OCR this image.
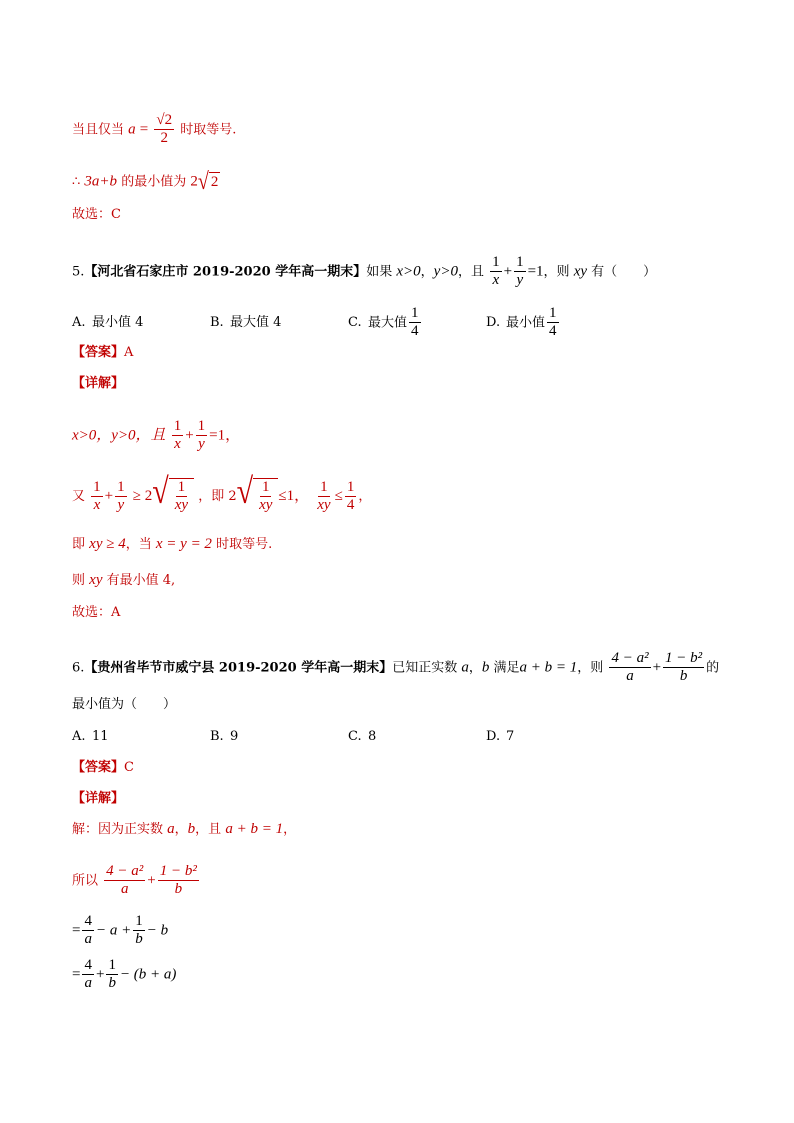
当且仅当 $a = \frac{√2}{2}$ 时取等号.
∴ 3a+b 的最小值为 2 √ 2
故选：C
5.【河北省石家庄市 2019-2020 学年高一期末】如果 x>0，y>0，且 $\frac{1}{x} + \frac{1}{y} =1$，则 xy 有（　　）
A. 最小值 4	B. 最大值 4	C. 最大值 $\frac{1}{4}$	D. 最小值 $\frac{1}{4}$
【答案】A
【详解】
x>0，y>0，且 $\frac{1}{x} + \frac{1}{y} =1$，
又 $\frac{1}{x} + \frac{1}{y} \ge 2$ √ $\frac{1}{xy}$ ，即 2 √ $\frac{1}{xy} \le 1$， $\frac{1}{xy} \le \frac{1}{4}$ ，
即 xy ≥ 4，当 x = y = 2 时取等号.
则 xy 有最小值 4,
故选：A
6.【贵州省毕节市威宁县 2019-2020 学年高一期末】已知正实数 a，b 满足a + b = 1，则 $\frac{\text{4 − a²}}{a} + \frac{\text{1 − b²}}{b}$ 的
最小值为（　　）
A. 11	B. 9	C. 8	D. 7
【答案】C
【详解】
解：因为正实数 a，b，且 a + b = 1，
所以 $\frac{\text{4 − a²}}{a} + \frac{\text{1 − b²}}{b}$
= $\frac{4}{a} - a + \frac{1}{b} - b$
= $\frac{4}{a} + \frac{1}{b} - (b + a)$
